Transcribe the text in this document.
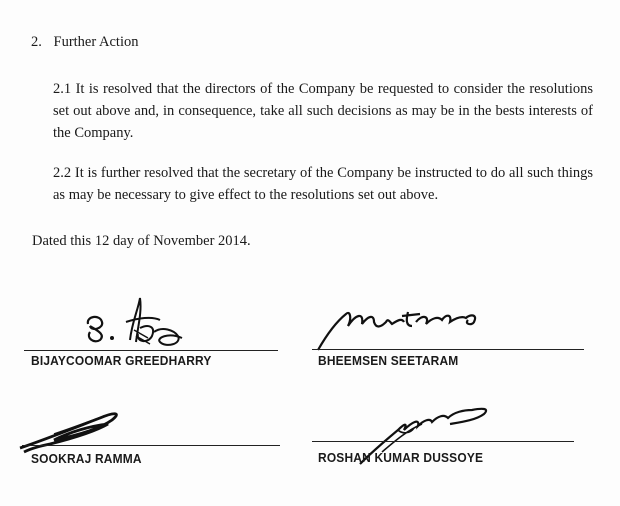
2. Further Action
2.1 It is resolved that the directors of the Company be requested to consider the resolutions set out above and, in consequence, take all such decisions as may be in the bests interests of the Company.
2.2 It is further resolved that the secretary of the Company be instructed to do all such things as may be necessary to give effect to the resolutions set out above.
Dated this 12 day of November 2014.
BIJAYCOOMAR GREEDHARRY	BHEEMSEN SEETARAM
SOOKRAJ RAMMA	ROSHAN KUMAR DUSSOYE
